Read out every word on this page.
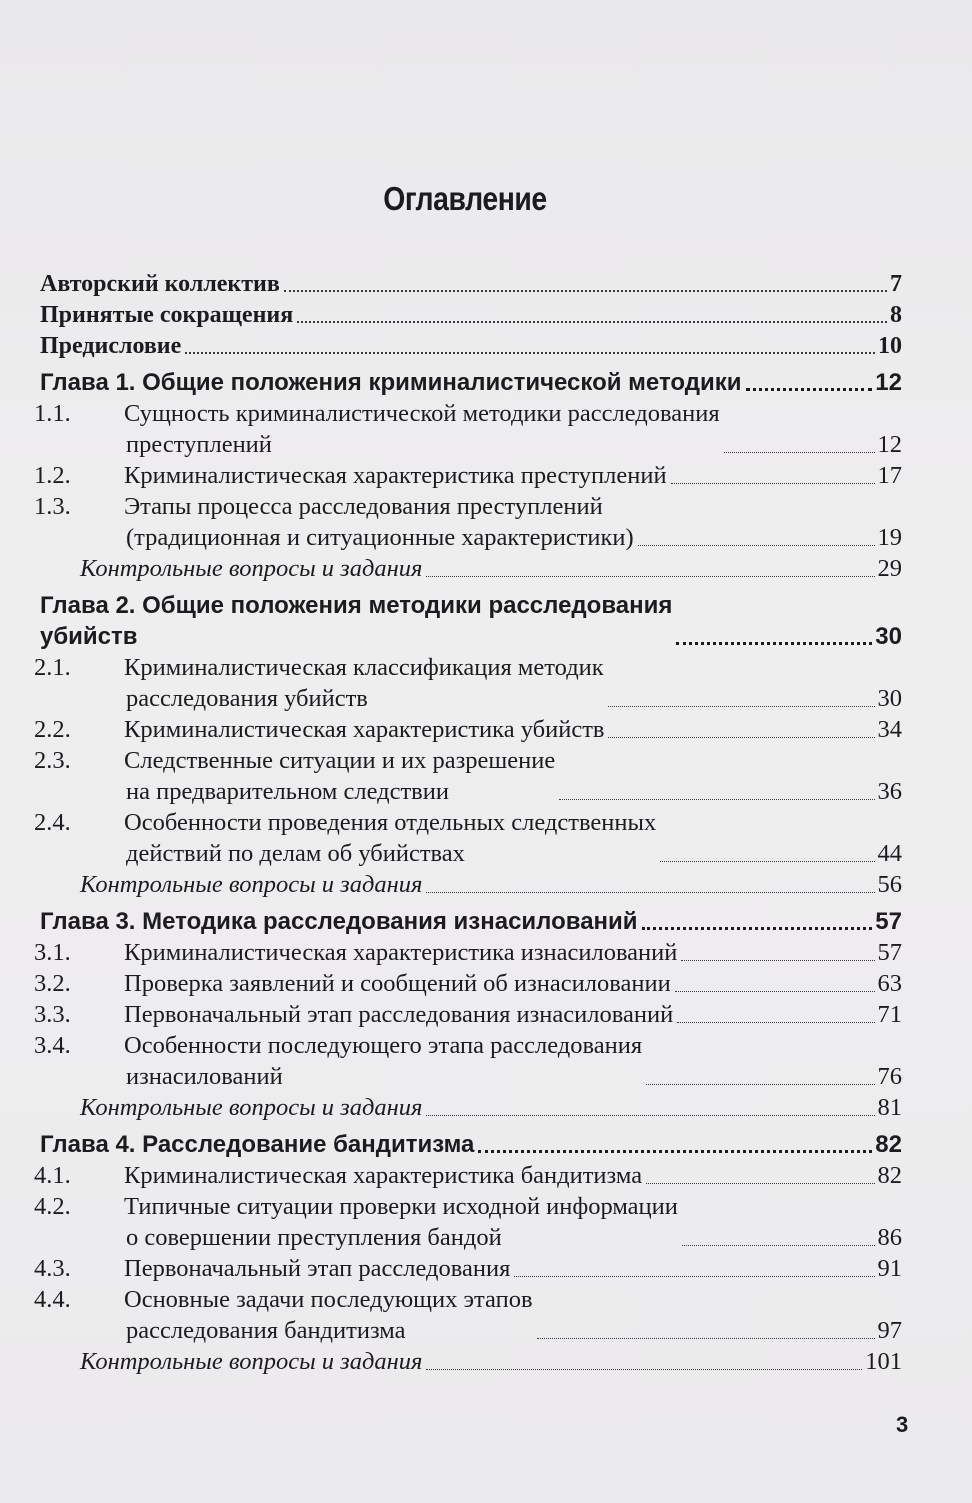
Оглавление
Авторский коллектив	7
Принятые сокращения	8
Предисловие	10
Глава 1. Общие положения криминалистической методики	12
1.1. Сущность криминалистической методики расследования
преступлений	12
1.2. Криминалистическая характеристика преступлений	17
1.3. Этапы процесса расследования преступлений
(традиционная и ситуационные характеристики)	19
Контрольные вопросы и задания	29
Глава 2. Общие положения методики расследования
убийств	30
2.1. Криминалистическая классификация методик
расследования убийств	30
2.2. Криминалистическая характеристика убийств	34
2.3. Следственные ситуации и их разрешение
на предварительном следствии	36
2.4. Особенности проведения отдельных следственных
действий по делам об убийствах	44
Контрольные вопросы и задания	56
Глава 3. Методика расследования изнасилований	57
3.1. Криминалистическая характеристика изнасилований	57
3.2. Проверка заявлений и сообщений об изнасиловании	63
3.3. Первоначальный этап расследования изнасилований	71
3.4. Особенности последующего этапа расследования
изнасилований	76
Контрольные вопросы и задания	81
Глава 4. Расследование бандитизма	82
4.1. Криминалистическая характеристика бандитизма	82
4.2. Типичные ситуации проверки исходной информации
о совершении преступления бандой	86
4.3. Первоначальный этап расследования	91
4.4. Основные задачи последующих этапов
расследования бандитизма	97
Контрольные вопросы и задания	101
3
